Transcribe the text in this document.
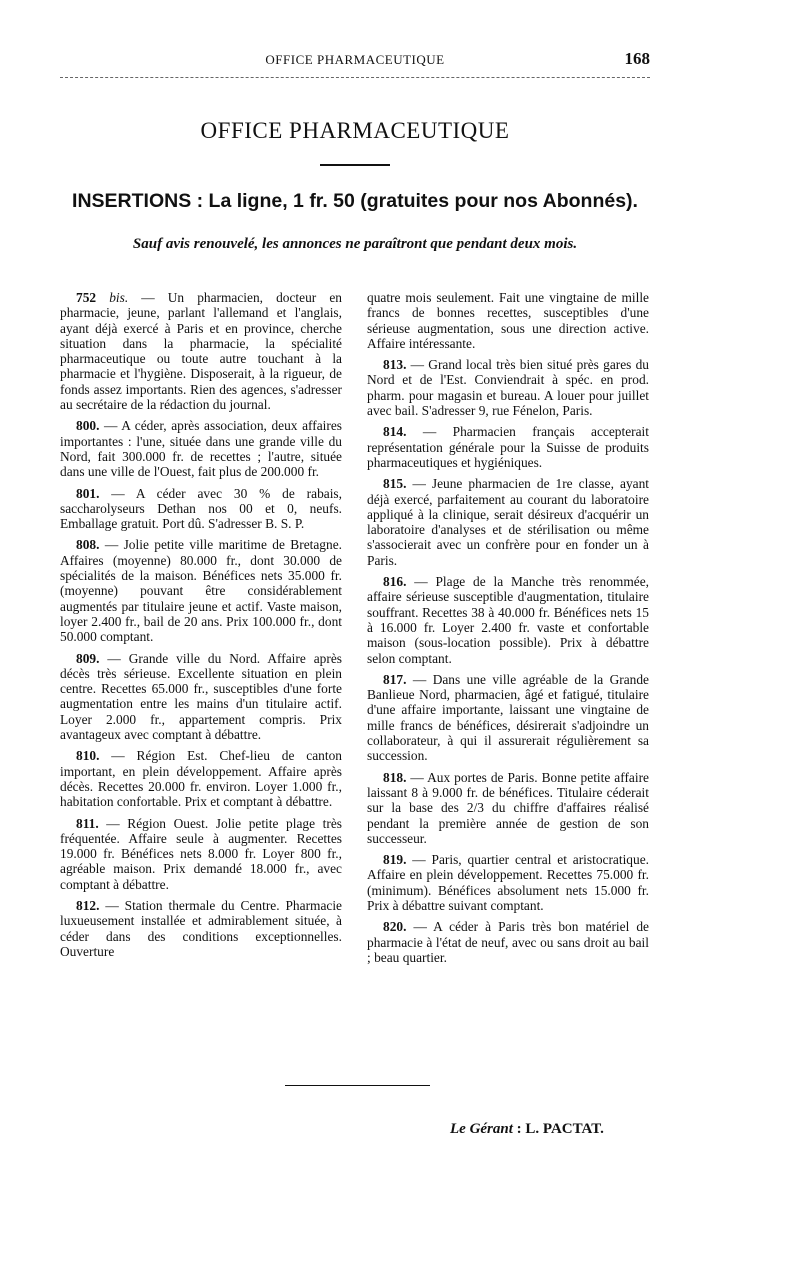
OFFICE PHARMACEUTIQUE	168
OFFICE PHARMACEUTIQUE
INSERTIONS : La ligne, 1 fr. 50 (gratuites pour nos Abonnés).
Sauf avis renouvelé, les annonces ne paraîtront que pendant deux mois.

752 bis. — Un pharmacien, docteur en pharmacie, jeune, parlant l'allemand et l'anglais, ayant déjà exercé à Paris et en province, cherche situation dans la pharmacie, la spécialité pharmaceutique ou toute autre touchant à la pharmacie et l'hygiène. Disposerait, à la rigueur, de fonds assez importants. Rien des agences, s'adresser au secrétaire de la rédaction du journal.

800. — A céder, après association, deux affaires importantes : l'une, située dans une grande ville du Nord, fait 300.000 fr. de recettes ; l'autre, située dans une ville de l'Ouest, fait plus de 200.000 fr.

801. — A céder avec 30 % de rabais, saccharolyseurs Dethan nos 00 et 0, neufs. Emballage gratuit. Port dû. S'adresser B. S. P.

808. — Jolie petite ville maritime de Bretagne. Affaires (moyenne) 80.000 fr., dont 30.000 de spécialités de la maison. Bénéfices nets 35.000 fr. (moyenne) pouvant être considérablement augmentés par titulaire jeune et actif. Vaste maison, loyer 2.400 fr., bail de 20 ans. Prix 100.000 fr., dont 50.000 comptant.

809. — Grande ville du Nord. Affaire après décès très sérieuse. Excellente situation en plein centre. Recettes 65.000 fr., susceptibles d'une forte augmentation entre les mains d'un titulaire actif. Loyer 2.000 fr., appartement compris. Prix avantageux avec comptant à débattre.

810. — Région Est. Chef-lieu de canton important, en plein développement. Affaire après décès. Recettes 20.000 fr. environ. Loyer 1.000 fr., habitation confortable. Prix et comptant à débattre.

811. — Région Ouest. Jolie petite plage très fréquentée. Affaire seule à augmenter. Recettes 19.000 fr. Bénéfices nets 8.000 fr. Loyer 800 fr., agréable maison. Prix demandé 18.000 fr., avec comptant à débattre.

812. — Station thermale du Centre. Pharmacie luxueusement installée et admirablement située, à céder dans des conditions exceptionnelles. Ouverture

quatre mois seulement. Fait une vingtaine de mille francs de bonnes recettes, susceptibles d'une sérieuse augmentation, sous une direction active. Affaire intéressante.

813. — Grand local très bien situé près gares du Nord et de l'Est. Conviendrait à spéc. en prod. pharm. pour magasin et bureau. A louer pour juillet avec bail. S'adresser 9, rue Fénelon, Paris.

814. — Pharmacien français accepterait représentation générale pour la Suisse de produits pharmaceutiques et hygiéniques.

815. — Jeune pharmacien de 1re classe, ayant déjà exercé, parfaitement au courant du laboratoire appliqué à la clinique, serait désireux d'acquérir un laboratoire d'analyses et de stérilisation ou même s'associerait avec un confrère pour en fonder un à Paris.

816. — Plage de la Manche très renommée, affaire sérieuse susceptible d'augmentation, titulaire souffrant. Recettes 38 à 40.000 fr. Bénéfices nets 15 à 16.000 fr. Loyer 2.400 fr. vaste et confortable maison (sous-location possible). Prix à débattre selon comptant.

817. — Dans une ville agréable de la Grande Banlieue Nord, pharmacien, âgé et fatigué, titulaire d'une affaire importante, laissant une vingtaine de mille francs de bénéfices, désirerait s'adjoindre un collaborateur, à qui il assurerait régulièrement sa succession.

818. — Aux portes de Paris. Bonne petite affaire laissant 8 à 9.000 fr. de bénéfices. Titulaire céderait sur la base des 2/3 du chiffre d'affaires réalisé pendant la première année de gestion de son successeur.

819. — Paris, quartier central et aristocratique. Affaire en plein développement. Recettes 75.000 fr. (minimum). Bénéfices absolument nets 15.000 fr. Prix à débattre suivant comptant.

820. — A céder à Paris très bon matériel de pharmacie à l'état de neuf, avec ou sans droit au bail ; beau quartier.

Le Gérant : L. PACTAT.
